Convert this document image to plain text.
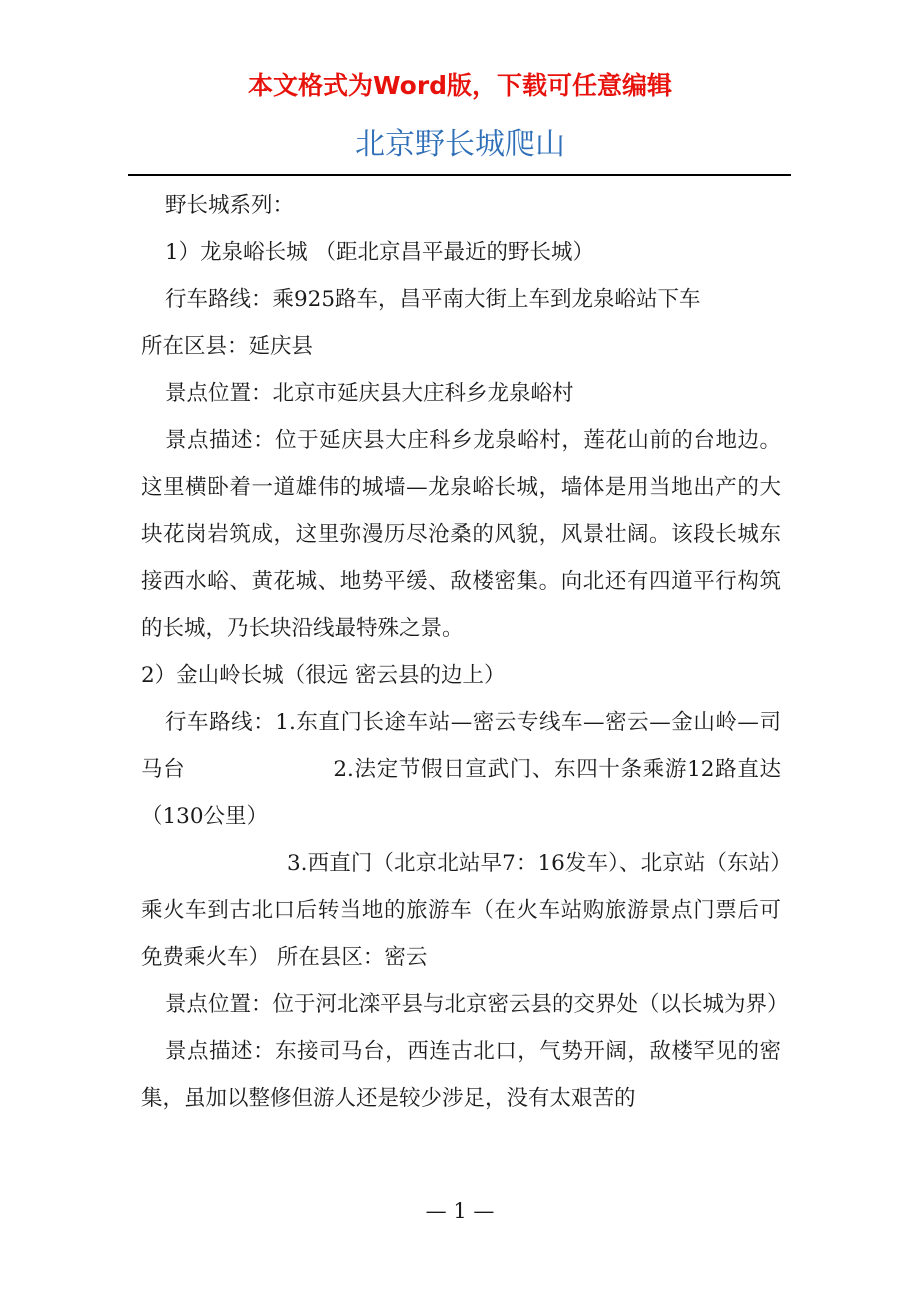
本文格式为Word版，下载可任意编辑
北京野长城爬山

野长城系列：

1）龙泉峪长城 （距北京昌平最近的野长城）

行车路线：乘925路车，昌平南大街上车到龙泉峪站下车

所在区县：延庆县

景点位置：北京市延庆县大庄科乡龙泉峪村

景点描述：位于延庆县大庄科乡龙泉峪村，莲花山前的台地边。这里横卧着一道雄伟的城墙—龙泉峪长城，墙体是用当地出产的大块花岗岩筑成，这里弥漫历尽沧桑的风貌，风景壮阔。该段长城东接西水峪、黄花城、地势平缓、敌楼密集。向北还有四道平行构筑的长城，乃长块沿线最特殊之景。

2）金山岭长城（很远 密云县的边上）

行车路线：1.东直门长途车站—密云专线车—密云—金山岭—司马台	2.法定节假日宣武门、东四十条乘游12路直达（130公里）

3.西直门（北京北站早7：16发车）、北京站（东站）乘火车到古北口后转当地的旅游车（在火车站购旅游景点门票后可免费乘火车） 所在县区：密云

景点位置：位于河北滦平县与北京密云县的交界处（以长城为界）

景点描述：东接司马台，西连古北口，气势开阔，敌楼罕见的密集，虽加以整修但游人还是较少涉足，没有太艰苦的

— 1 —
